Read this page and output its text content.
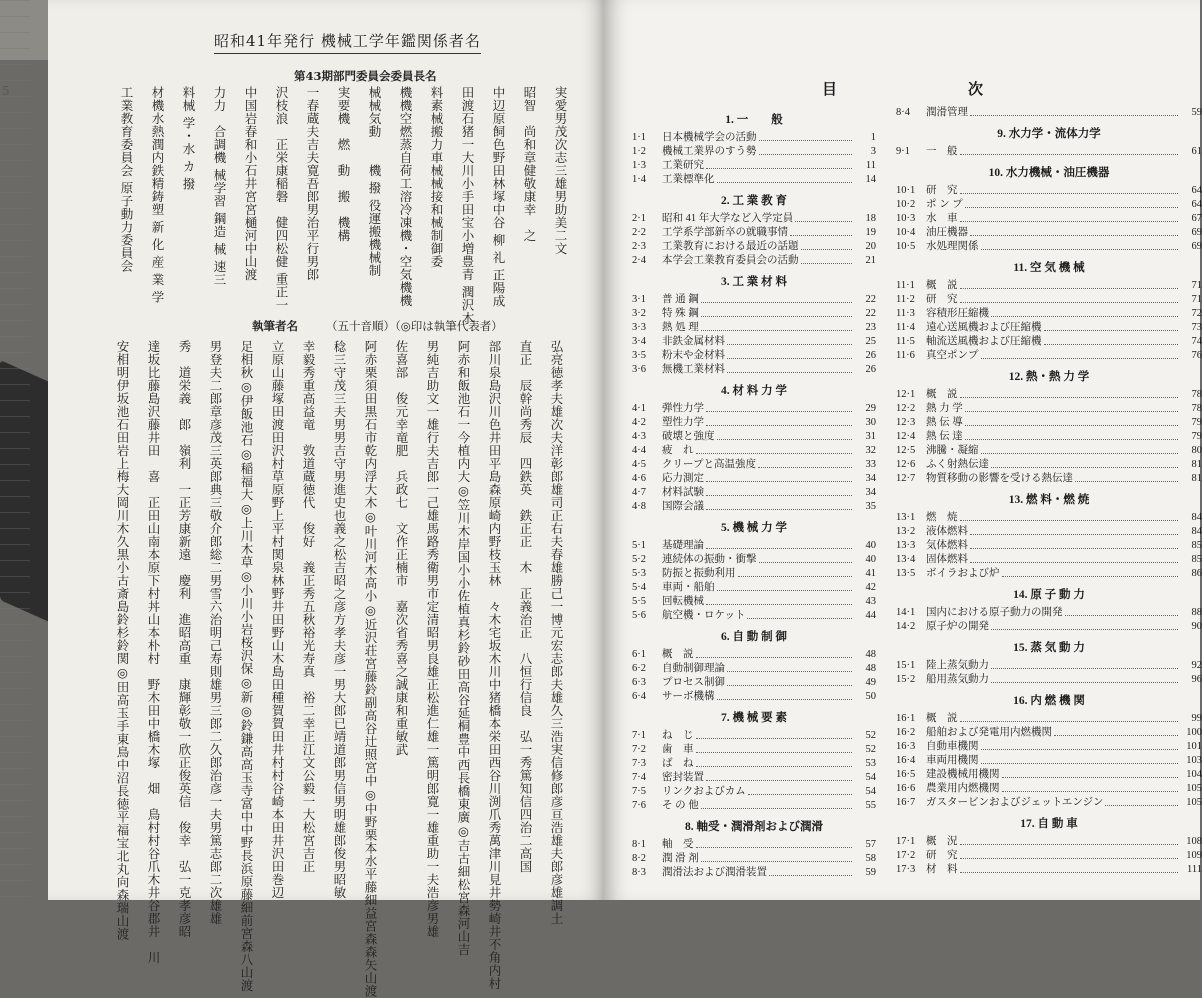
5
昭和41年発行 機械工学年鑑関係者名
第43期部門委員会委員長名
実愛男茂次志三雄男助美二文
昭智　尚和章健敬康幸　之
中辺原飼色野田林塚中谷 柳 礼 正陽成
田渡石猪一大川小手田宝小増豊青 潤沢木
料素械搬力車械械接和械制御委
機機空燃蒸自荷工溶冷凍機・空気機機
械械気動　　機 撥 役運搬機械制
実要機　燃　動　搬　機構
一春蔵夫吉夫寛吾郎男治平行男郎
沢枝浪　正栄康稲磐　健四松健 重正一
中国岩春和小石井宮宮樋河中山渡
力力　合調機 械学習 鋼造 械 速三
料械 学・水 カ 撥
材機水熱潤内鉄精鋳塑 新 化 産 業 学
工業教育委員会 原子動力委員会
執筆者名 （五十音順）（◎印は執筆代表者）
弘亮徳孝夫雄次夫洋彰郎雄司正右夫春雄勝己一博元宏志郎夫雄久三浩実信修郎彦亘浩雄夫郎彦雄調土
直正　辰幹尚秀辰　四鉄英　鉄正正　木　正義治正　八恒行信良　弘一秀篤知信四治二高国
部川泉島沢川色井田平島森原崎内野枝玉林　々木宅坂木川中猪橋本栄田西谷川渕爪秀萬津川見井勢崎井不角内村
阿赤和飯池石一今植内大◎笠川木岸国小小佐植真杉鈴砂田高谷延桐豊中西長橋東廣◎吉古細松宮森河山吉
男純吉助文一雄行夫吉郎一己雄馬路秀衛男市定清昭男良雄正松進仁雄一篤明郎寛一雄重助一夫浩彦男雄
佐喜部　俊元幸竜肥　兵政七　文作正楠市　嘉次省秀喜之誠康和重敏武
阿赤栗須田黒石市乾内浮大木◎叶川河木高小◎近沢荘宮藤鈴副高谷辻照宮中◎中野栗本水平藤細益宮森森矢山渡
稔三守茂三夫男男吉守男進史也義之松吉昭之彦方孝夫彦一男大郎已靖道郎男信男明雄郎俊男昭敏
幸毅秀重高益竜　敦道蔵徳代　俊好　義正秀五秋裕光寿真　裕二幸正江文公毅一大松宮吉正
立原山藤塚田渡田沢村草原野上平村関泉林野井田野山木島田種賀賀田井村村谷崎本田井沢田巻辺
足相秋◎伊飯池石◎稲福大◎上川木草◎小川小岩桜沢保◎新◎鈴鎌高高玉寺富中中野長浜原藤細前宮森八山渡
男登夫二郎章彦茂三英郎典三敬介郎総二男雪六治明己寿則雄男三郎二久郎治彦一夫男篤志郎二次雄雄
秀　道栄義　郎　嶺利　一正芳康新遠　慶利　進昭高重　康輝彰敬一欣正俊英信　俊幸　弘一克孝彦昭
達坂比藤島沢藤井田　喜　正田山南本原下村丼山本朴村　野木田中橋木塚　畑　鳥村村谷爪木井谷郡井　川
安相明伊坂池石田岩上梅大岡川木久黒小古斎島鈴杉鈴関◎田高玉手東鳥中沼長徳平福宝北丸向森瑞山渡
目	次
1. 一　　般
1·1	日本機械学会の活動	1
1·2	機械工業界のすう勢	3
1·3	工業研究	11
1·4	工業標準化	14
2. 工 業 教 育
2·1	昭和 41 年大学など入学定員	18
2·2	工学系学部新卒の就職事情	19
2·3	工業教育における最近の話題	20
2·4	本学会工業教育委員会の活動	21
3. 工 業 材 料
3·1	普 通 鋼	22
3·2	特 殊 鋼	22
3·3	熱 処 理	23
3·4	非鉄金属材料	25
3·5	粉末や金材料	26
3·6	無機工業材料	26
4. 材 料 力 学
4·1	弾性力学	29
4·2	塑性力学	30
4·3	破壊と強度	31
4·4	疲　れ	32
4·5	クリープと高温強度	33
4·6	応力測定	34
4·7	材料試験	34
4·8	国際会議	35
5. 機 械 力 学
5·1	基礎理論	40
5·2	連続体の振動・衝撃	40
5·3	防振と振動利用	41
5·4	車両・船舶	42
5·5	回転機械	43
5·6	航空機・ロケット	44
6. 自 動 制 御
6·1	概　説	48
6·2	自動制御理論	48
6·3	プロセス制御	49
6·4	サーボ機構	50
7. 機 械 要 素
7·1	ね　じ	52
7·2	歯　車	52
7·3	ば　ね	53
7·4	密封装置	54
7·5	リンクおよびカム	54
7·6	そ の 他	55
8. 軸受・潤滑剤および潤滑
8·1	軸　受	57
8·2	潤 滑 剤	58
8·3	潤滑法および潤滑装置	59
8·4	潤滑管理	59
9. 水力学・流体力学
9·1	一　般	61
10. 水力機械・油圧機器
10·1	研　究	64
10·2	ポ ン プ	64
10·3	水　車	67
10·4	油圧機器	69
10·5	水処理関係	69
11. 空 気 機 械
11·1	概　説	71
11·2	研　究	71
11·3	容積形圧縮機	72
11·4	遠心送風機および圧縮機	73
11·5	軸流送風機および圧縮機	74
11·6	真空ポンプ	76
12. 熱・熱 力 学
12·1	概　説	78
12·2	熱 力 学	78
12·3	熱 伝 導	79
12·4	熱 伝 達	79
12·5	沸騰・凝縮	80
12·6	ふく射熱伝達	81
12·7	物質移動の影響を受ける熱伝達	81
13. 燃 料・燃 焼
13·1	燃　焼	84
13·2	液体燃料	84
13·3	気体燃料	85
13·4	固体燃料	85
13·5	ボイラおよび炉	86
14. 原 子 動 力
14·1	国内における原子動力の開発	88
14·2	原子炉の開発	90
15. 蒸 気 動 力
15·1	陸上蒸気動力	92
15·2	船用蒸気動力	96
16. 内 燃 機 関
16·1	概　説	99
16·2	船舶および発電用内燃機関	100
16·3	自動車機関	101
16·4	車両用機関	103
16·5	建設機械用機関	104
16·6	農業用内燃機関	105
16·7	ガスタービンおよびジェットエンジン	105
17. 自 動 車
17·1	概　況	108
17·2	研　究	109
17·3	材　料	111
